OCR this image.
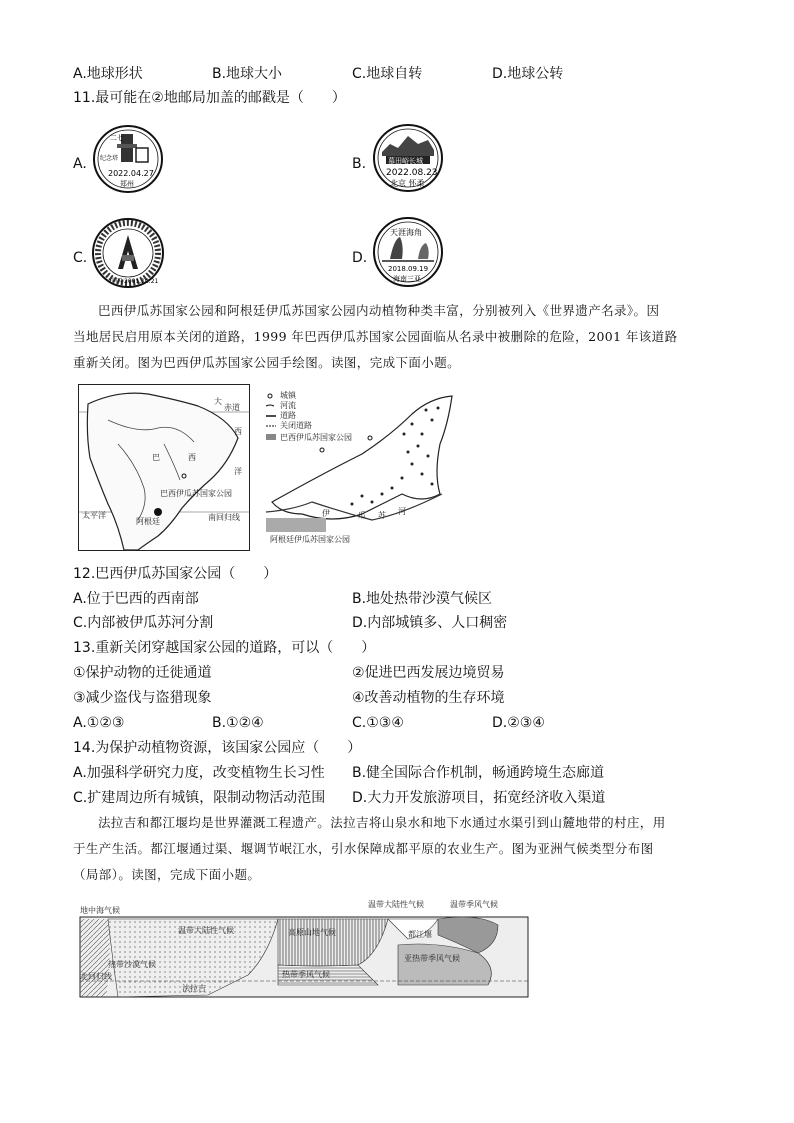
A.地球形状	B.地球大小	C.地球自转	D.地球公转
11.最可能在②地邮局加盖的邮戳是（　　）
A.
二七
纪念塔
2022.04.27
郑州
B.	慕田峪长城
2022.08.23
北京 怀柔
C.
中国 2001.10.21
D.
天涯海角
2018.09.19
海南三亚
巴西伊瓜苏国家公园和阿根廷伊瓜苏国家公园内动植物种类丰富，分别被列入《世界遗产名录》。因
当地居民启用原本关闭的道路，1999 年巴西伊瓜苏国家公园面临从名录中被删除的危险，2001 年该道路
重新关闭。图为巴西伊瓜苏国家公园手绘图。读图，完成下面小题。
大
西
洋
太平洋
巴	西
巴西伊瓜苏国家公园
阿根廷
赤道
南回归线
城镇
河流
道路
关闭道路
巴西伊瓜苏国家公园
阿根廷伊瓜苏国家公园
伊	瓜 苏 河
12.巴西伊瓜苏国家公园（　　）
A.位于巴西的西南部	B.地处热带沙漠气候区
C.内部被伊瓜苏河分割	D.内部城镇多、人口稠密
13.重新关闭穿越国家公园的道路，可以（　　）
①保护动物的迁徙通道	②促进巴西发展边境贸易
③减少盗伐与盗猎现象	④改善动植物的生存环境
A.①②③	B.①②④	C.①③④	D.②③④
14.为保护动植物资源，该国家公园应（　　）
A.加强科学研究力度，改变植物生长习性 B.健全国际合作机制，畅通跨境生态廊道
C.扩建周边所有城镇，限制动物活动范围 D.大力开发旅游项目，拓宽经济收入渠道
法拉吉和都江堰均是世界灌溉工程遗产。法拉吉将山泉水和地下水通过水渠引到山麓地带的村庄，用
于生产生活。都江堰通过渠、堰调节岷江水，引水保障成都平原的农业生产。图为亚洲气候类型分布图
（局部）。读图，完成下面小题。
地中海气候
温带大陆性气候
热带沙漠气候
高原山地气候
温带大陆性气候	温带季风气候
都江堰
亚热带季风气候
热带季风气候
北回归线
法拉吉
